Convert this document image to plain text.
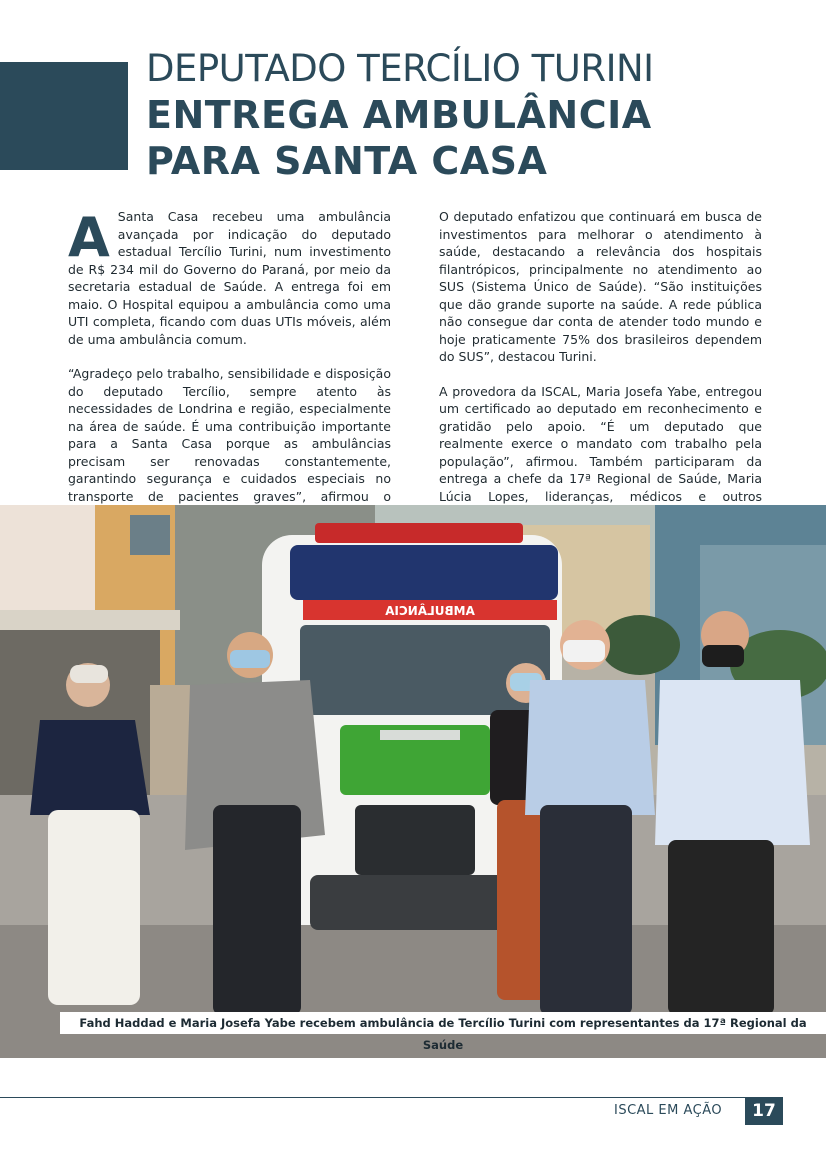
DEPUTADO TERCÍLIO TURINI
ENTREGA AMBULÂNCIA
PARA SANTA CASA

A Santa Casa recebeu uma ambulância avançada por indicação do deputado estadual Tercílio Turini, num investimento de R$ 234 mil do Governo do Paraná, por meio da secretaria estadual de Saúde. A entrega foi em maio. O Hospital equipou a ambulância como uma UTI completa, ficando com duas UTIs móveis, além de uma ambulância comum.

“Agradeço pelo trabalho, sensibilidade e disposição do deputado Tercílio, sempre atento às necessidades de Londrina e região, especialmente na área de saúde. É uma contribuição importante para a Santa Casa porque as ambulâncias precisam ser renovadas constantemente, garantindo segurança e cuidados especiais no transporte de pacientes graves”, afirmou o

O deputado enfatizou que continuará em busca de investimentos para melhorar o atendimento à saúde, destacando a relevância dos hospitais filantrópicos, principalmente no atendimento ao SUS (Sistema Único de Saúde). “São instituições que dão grande suporte na saúde. A rede pública não consegue dar conta de atender todo mundo e hoje praticamente 75% dos brasileiros dependem do SUS”, destacou Turini.

A provedora da ISCAL, Maria Josefa Yabe, entregou um certificado ao deputado em reconhecimento e gratidão pelo apoio. “É um deputado que realmente exerce o mandato com trabalho pela população”, afirmou. Também participaram da entrega a chefe da 17ª Regional de Saúde, Maria Lúcia Lopes, lideranças, médicos e outros

AMBULÂNCIA
Fahd Haddad e Maria Josefa Yabe recebem ambulância de Tercílio Turini com representantes da 17ª Regional da Saúde
ISCAL EM AÇÃO	17
